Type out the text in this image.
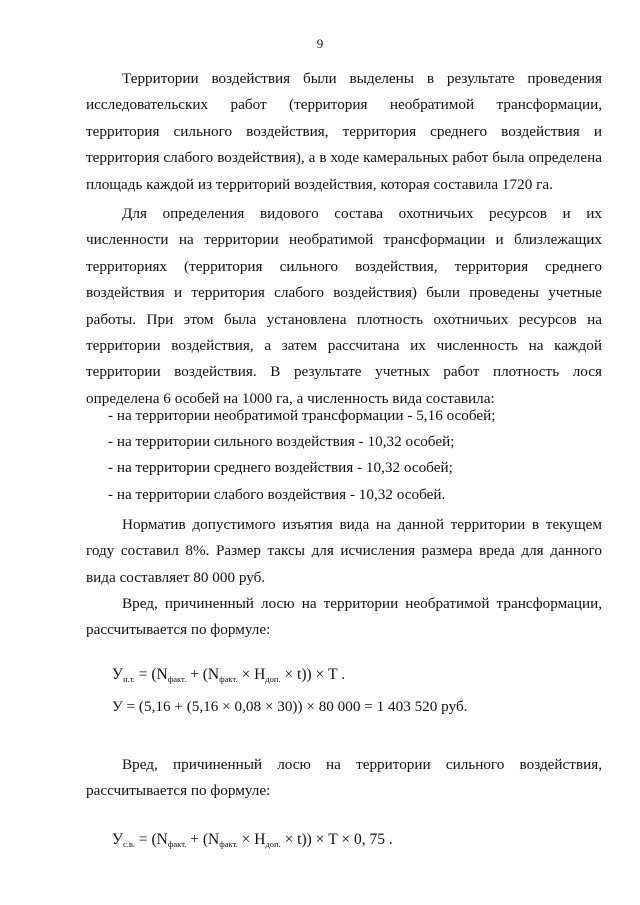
9
Территории воздействия были выделены в результате проведения исследовательских работ (территория необратимой трансформации, территория сильного воздействия, территория среднего воздействия и территория слабого воздействия), а в ходе камеральных работ была определена площадь каждой из территорий воздействия, которая составила 1720 га.
Для определения видового состава охотничьих ресурсов и их численности на территории необратимой трансформации и близлежащих территориях (территория сильного воздействия, территория среднего воздействия и территория слабого воздействия) были проведены учетные работы. При этом была установлена плотность охотничьих ресурсов на территории воздействия, а затем рассчитана их численность на каждой территории воздействия. В результате учетных работ плотность лося определена 6 особей на 1000 га, а численность вида составила:
- на территории необратимой трансформации - 5,16 особей;
- на территории сильного воздействия - 10,32 особей;
- на территории среднего воздействия - 10,32 особей;
- на территории слабого воздействия - 10,32 особей.
Норматив допустимого изъятия вида на данной территории в текущем году составил 8%. Размер таксы для исчисления размера вреда для данного вида составляет 80 000 руб.
Вред, причиненный лосю на территории необратимой трансформации, рассчитывается по формуле:
$У_{н.т.} = (N_{факт.} + (N_{факт.} \times H_{доп.} \times t)) \times T$ .
У = (5,16 + (5,16 × 0,08 × 30)) × 80 000 = 1 403 520 руб.
Вред, причиненный лосю на территории сильного воздействия, рассчитывается по формуле:
$У_{с.в.} = (N_{факт.} + (N_{факт.} \times H_{доп.} \times t)) \times T \times 0$, 75 .
